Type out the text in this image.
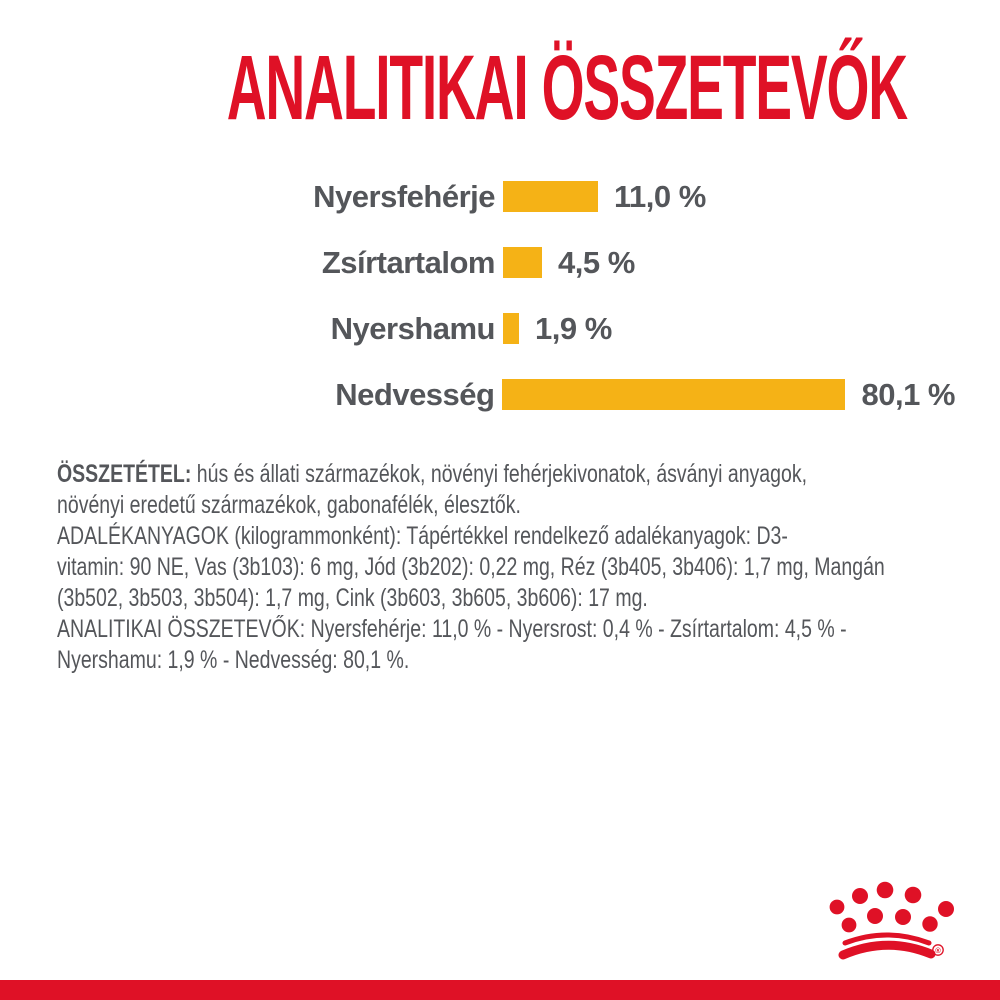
ANALITIKAI ÖSSZETEVŐK
Nyersfehérje	11,0 %
Zsírtartalom 4,5 %
Nyershamu 1,9 %
Nedvesség	80,1 %
ÖSSZETÉTEL: hús és állati származékok, növényi fehérjekivonatok, ásványi anyagok,
növényi eredetű származékok, gabonafélék, élesztők.
ADALÉKANYAGOK (kilogrammonként): Tápértékkel rendelkező adalékanyagok: D3-
vitamin: 90 NE, Vas (3b103): 6 mg, Jód (3b202): 0,22 mg, Réz (3b405, 3b406): 1,7 mg, Mangán
(3b502, 3b503, 3b504): 1,7 mg, Cink (3b603, 3b605, 3b606): 17 mg.
ANALITIKAI ÖSSZETEVŐK: Nyersfehérje: 11,0 % - Nyersrost: 0,4 % - Zsírtartalom: 4,5 % -
Nyershamu: 1,9 % - Nedvesség: 80,1 %.
®
